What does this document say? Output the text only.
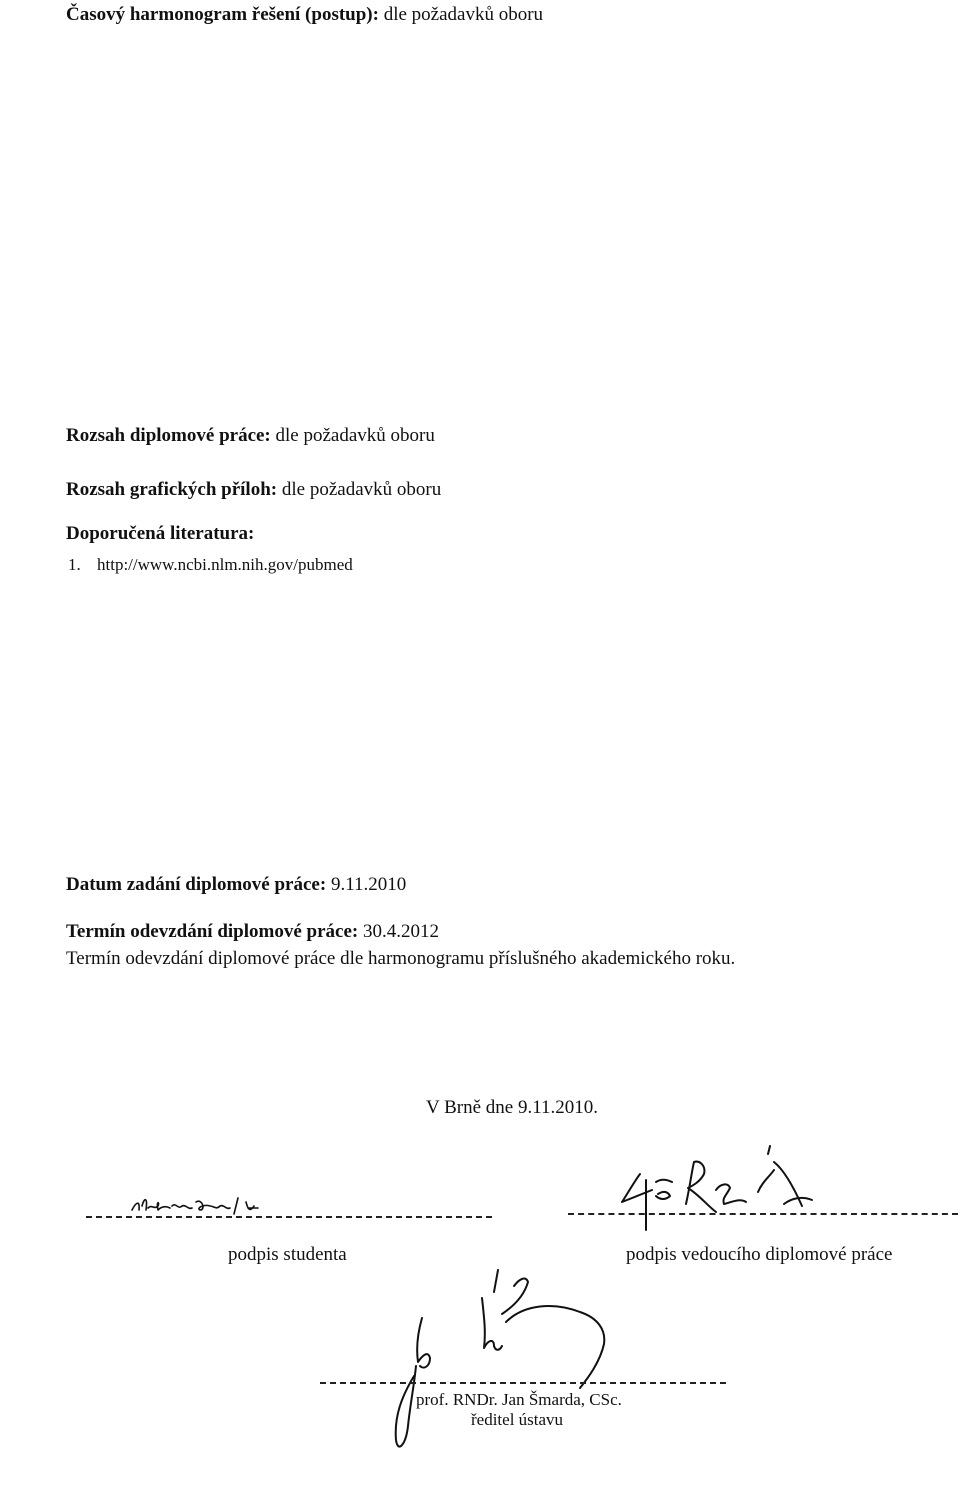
Časový harmonogram řešení (postup): dle požadavků oboru
Rozsah diplomové práce: dle požadavků oboru
Rozsah grafických příloh: dle požadavků oboru
Doporučená literatura:
1. http://www.ncbi.nlm.nih.gov/pubmed
Datum zadání diplomové práce: 9.11.2010
Termín odevzdání diplomové práce: 30.4.2012
Termín odevzdání diplomové práce dle harmonogramu příslušného akademického roku.
V Brně dne 9.11.2010.
podpis studenta	podpis vedoucího diplomové práce
prof. RNDr. Jan Šmarda, CSc.
ředitel ústavu
